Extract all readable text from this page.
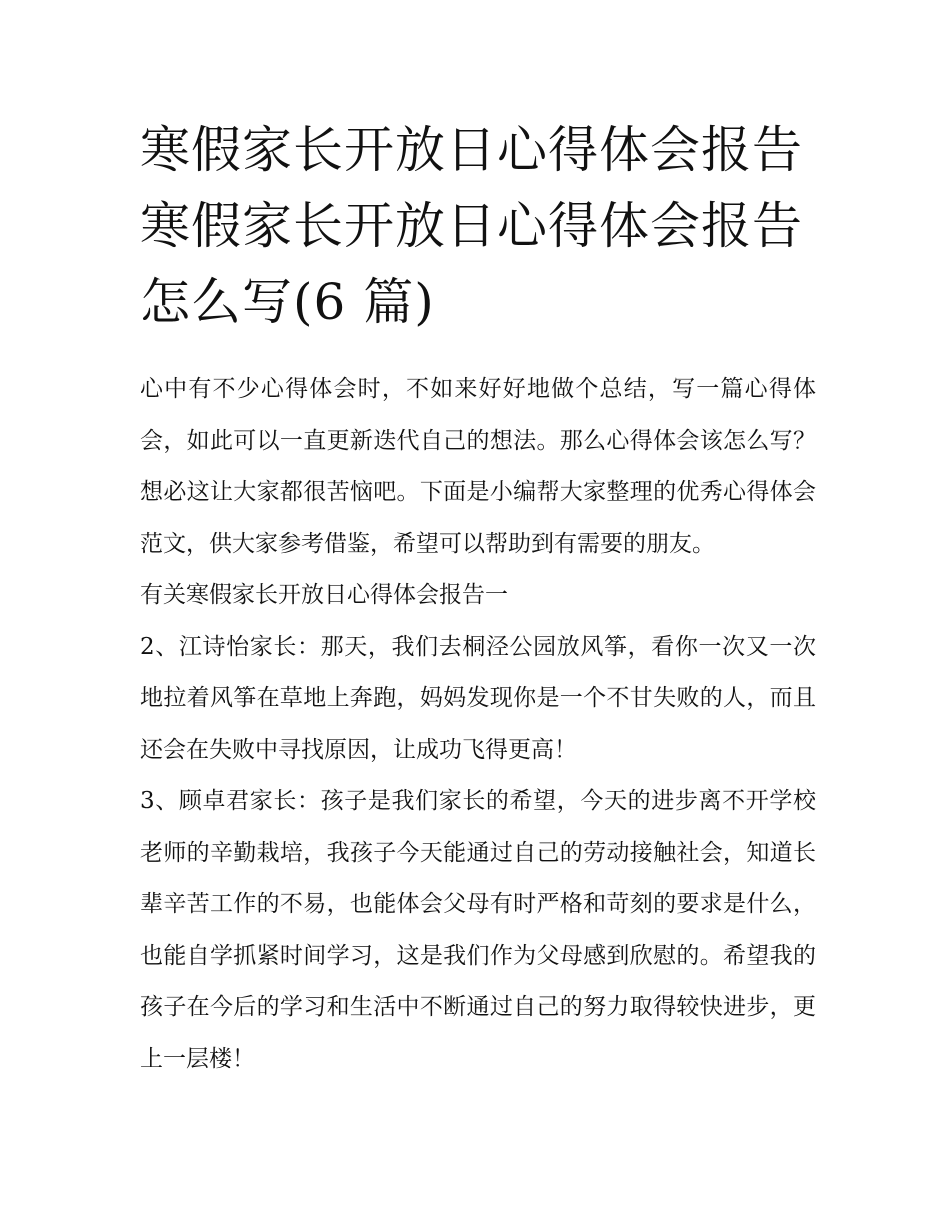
寒假家长开放日心得体会报告
寒假家长开放日心得体会报告
怎么写(6 篇)

心中有不少心得体会时，不如来好好地做个总结，写一篇心得体会，如此可以一直更新迭代自己的想法。那么心得体会该怎么写？想必这让大家都很苦恼吧。下面是小编帮大家整理的优秀心得体会范文，供大家参考借鉴，希望可以帮助到有需要的朋友。

有关寒假家长开放日心得体会报告一

2、江诗怡家长：那天，我们去桐泾公园放风筝，看你一次又一次地拉着风筝在草地上奔跑，妈妈发现你是一个不甘失败的人，而且还会在失败中寻找原因，让成功飞得更高！

3、顾卓君家长：孩子是我们家长的希望，今天的进步离不开学校老师的辛勤栽培，我孩子今天能通过自己的劳动接触社会，知道长辈辛苦工作的不易，也能体会父母有时严格和苛刻的要求是什么，也能自学抓紧时间学习，这是我们作为父母感到欣慰的。希望我的孩子在今后的学习和生活中不断通过自己的努力取得较快进步，更上一层楼！
